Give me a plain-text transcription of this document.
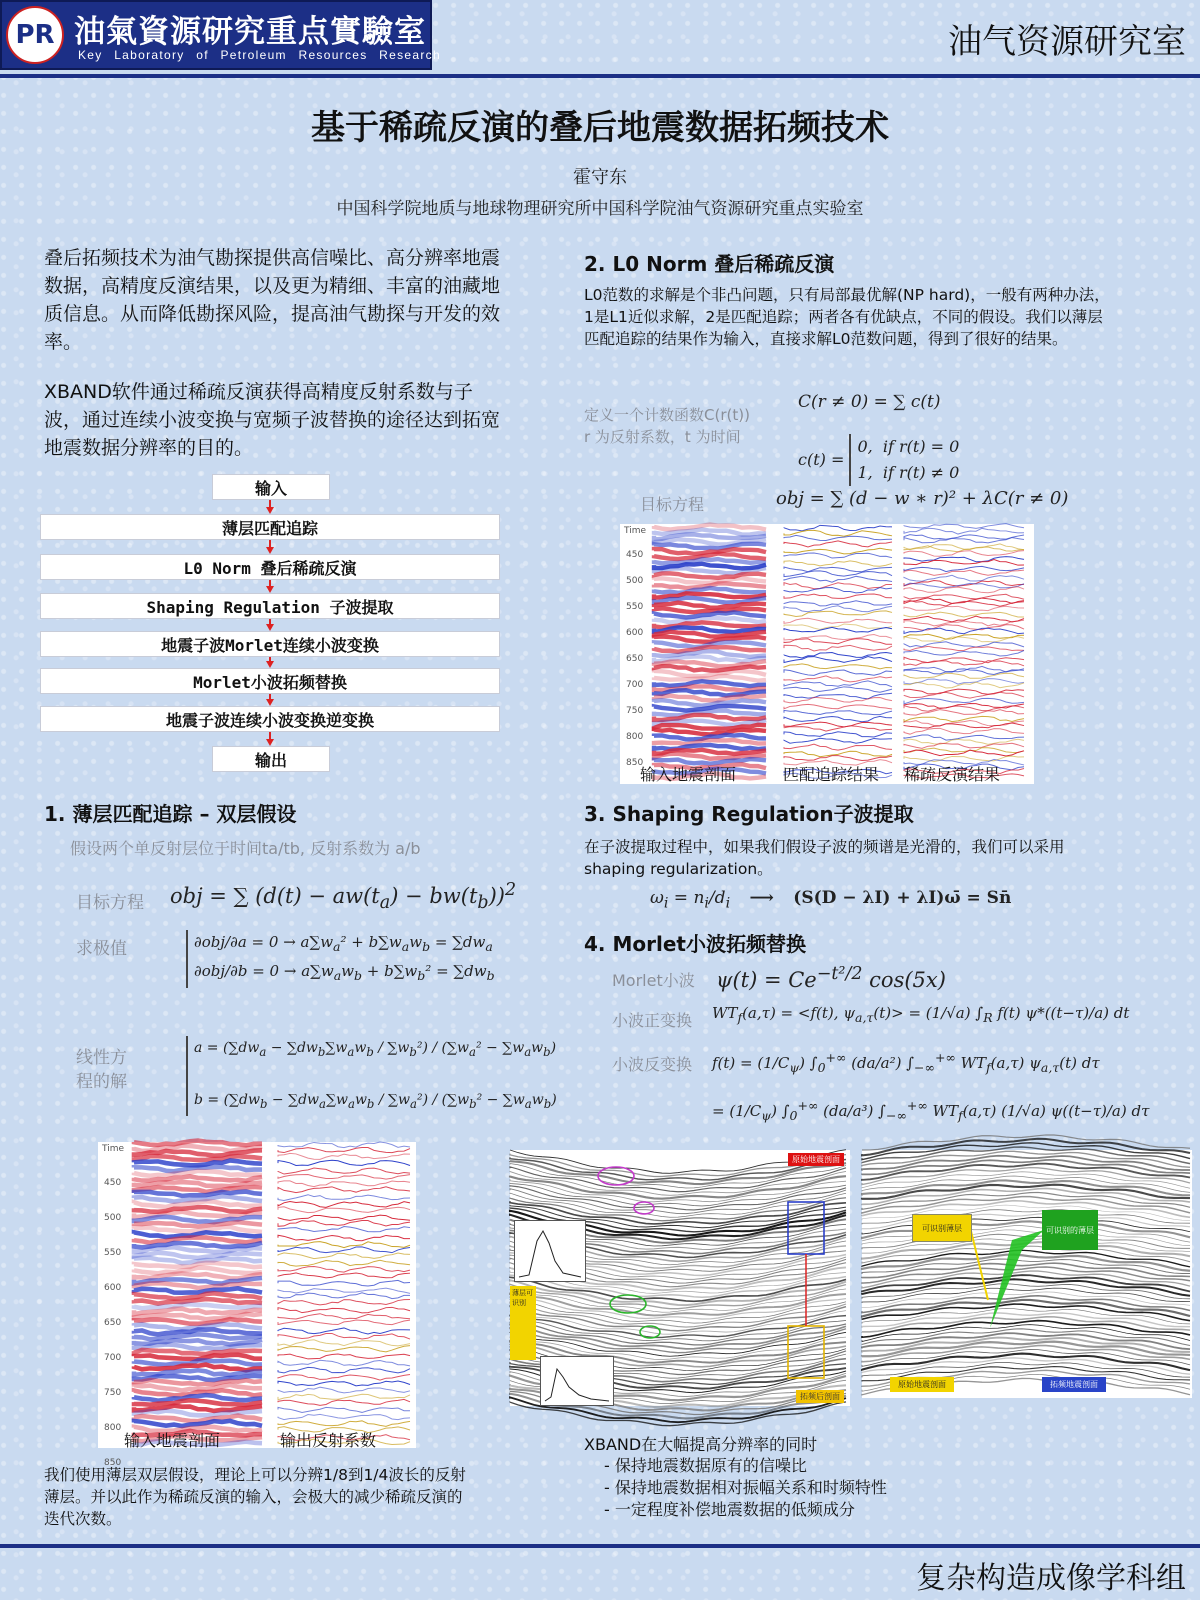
PR 油氣資源研究重点實驗室
Key Laboratory of Petroleum Resources Research	油气资源研究室
基于稀疏反演的叠后地震数据拓频技术
霍守东
中国科学院地质与地球物理研究所中国科学院油气资源研究重点实验室
叠后拓频技术为油气勘探提供高信噪比、高分辨率地震数据，高精度反演结果，以及更为精细、丰富的油藏地质信息。从而降低勘探风险，提高油气勘探与开发的效率。
XBAND软件通过稀疏反演获得高精度反射系数与子波，通过连续小波变换与宽频子波替换的途径达到拓宽地震数据分辨率的目的。
输入
薄层匹配追踪
L0 Norm 叠后稀疏反演
Shaping Regulation 子波提取
地震子波Morlet连续小波变换
Morlet小波拓频替换
地震子波连续小波变换逆变换
输出
1. 薄层匹配追踪 – 双层假设
假设两个单反射层位于时间ta/tb, 反射系数为 a/b
目标方程 obj = ∑ $(d(t) - aw(t_a) - bw(t_b))^2$
求极值	$\partial obj/\partial a = 0 \to a\sum w_a^2 + b\sum w_aw_b = \sum dw_a$
$\partial obj/\partial b = 0 \to a\sum w_aw_b + b\sum w_b^2 = \sum dw_b$
线性方
程的解
$a = (\sum dw_a - \sum dw_b\sum w_aw_b / \sum w_b^2) / (\sum w_a^2 - \sum w_aw_b)$

$b = (\sum dw_b - \sum dw_a\sum w_aw_b / \sum w_a^2) / (\sum w_b^2 - \sum w_aw_b)$
Time
450
500
550
600
650
700
750
800
850
输入地震剖面	输出反射系数
我们使用薄层双层假设，理论上可以分辨1/8到1/4波长的反射薄层。并以此作为稀疏反演的输入，会极大的减少稀疏反演的迭代次数。
2. L0 Norm 叠后稀疏反演
L0范数的求解是个非凸问题，只有局部最优解(NP hard)，一般有两种办法，1是L1近似求解，2是匹配追踪；两者各有优缺点，不同的假设。我们以薄层匹配追踪的结果作为输入，直接求解L0范数问题，得到了很好的结果。
定义一个计数函数C(r(t))
r 为反射系数，t 为时间
C(r ≠ 0) = ∑ c(t)
c(t) = 0,  if r(t) = 0
1,  if r(t) ≠ 0
目标方程	obj = ∑ (d − w ∗ r)² + λC(r ≠ 0)
Time
450
500
550
600
650
700
750
800
850
输入地震剖面	匹配追踪结果 稀疏反演结果
3. Shaping Regulation子波提取
在子波提取过程中，如果我们假设子波的频谱是光滑的，我们可以采用shaping regularization。
$\omega_i = n_i/d_i$ ⟶ (S(D − λI) + λI)ω̄ = Sn̄
4. Morlet小波拓频替换
Morlet小波 $\psi(t) = Ce^{-t^2/2}$ cos(5x)
小波正变换 $WT_f(a,\tau) = <f(t)$, $\psi_{a,\tau}(t)> = (1/√a)$ $\int_R$ f(t) ψ*((t−τ)/a) dt
小波反变换 $f(t) = (1/C_\psi)$ $\int_0^{+\infty}$ (da/a²) $\int_{-\infty}^{+\infty}$ $WT_f(a,\tau)$ $\psi_{a,\tau}(t)$ dτ
= $(1/C_\psi)$ $\int_0^{+\infty}$ (da/a³) $\int_{-\infty}^{+\infty}$ $WT_f(a,\tau)$ (1/√a) ψ((t−τ)/a) dτ
原始地震剖面
拓频后剖面
薄层可识别
可识别薄层	可识别的薄层
原始地震剖面	拓频地震剖面
XBAND在大幅提高分辨率的同时
- 保持地震数据原有的信噪比
- 保持地震数据相对振幅关系和时频特性
- 一定程度补偿地震数据的低频成分
复杂构造成像学科组
